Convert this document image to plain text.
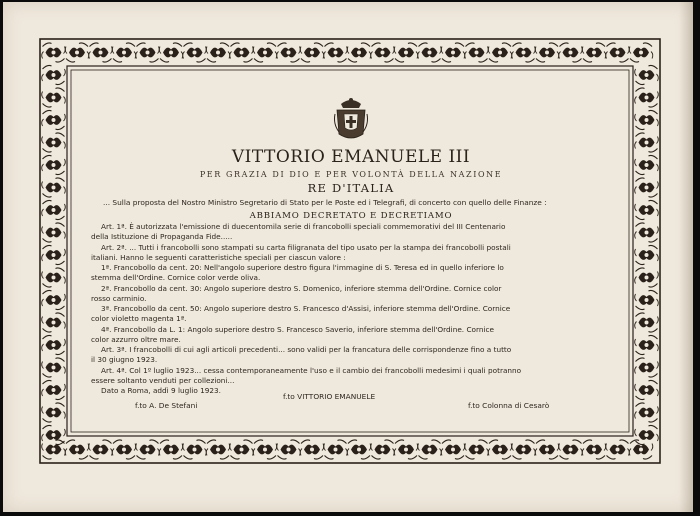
VITTORIO EMANUELE III
PER GRAZIA DI DIO E PER VOLONTÀ DELLA NAZIONE
RE D'ITALIA
... Sulla proposta del Nostro Ministro Segretario di Stato per le Poste ed i Telegrafi, di concerto con quello delle Finanze :
ABBIAMO DECRETATO E DECRETIAMO
Art. 1ª. È autorizzata l'emissione di duecentomila serie di francobolli speciali commemorativi del III Centenario
della Istituzione di Propaganda Fide.....
Art. 2ª. ... Tutti i francobolli sono stampati su carta filigranata del tipo usato per la stampa dei francobolli postali
italiani. Hanno le seguenti caratteristiche speciali per ciascun valore :
1ª. Francobollo da cent. 20: Nell'angolo superiore destro figura l'immagine di S. Teresa ed in quello inferiore lo
stemma dell'Ordine. Cornice color verde oliva.
2ª. Francobollo da cent. 30: Angolo superiore destro S. Domenico, inferiore stemma dell'Ordine. Cornice color
rosso carminio.
3ª. Francobollo da cent. 50: Angolo superiore destro S. Francesco d'Assisi, inferiore stemma dell'Ordine. Cornice
color violetto magenta 1ª.
4ª. Francobollo da L. 1: Angolo superiore destro S. Francesco Saverio, inferiore stemma dell'Ordine. Cornice
color azzurro oltre mare.
Art. 3ª. I francobolli di cui agli articoli precedenti... sono validi per la francatura delle corrispondenze fino a tutto
il 30 giugno 1923.
Art. 4ª. Col 1º luglio 1923... cessa contemporaneamente l'uso e il cambio dei francobolli medesimi i quali potranno
essere soltanto venduti per collezioni...
Dato a Roma, addì 9 luglio 1923.
f.to VITTORIO EMANUELE
f.to A. De Stefani	f.to Colonna di Cesarò
